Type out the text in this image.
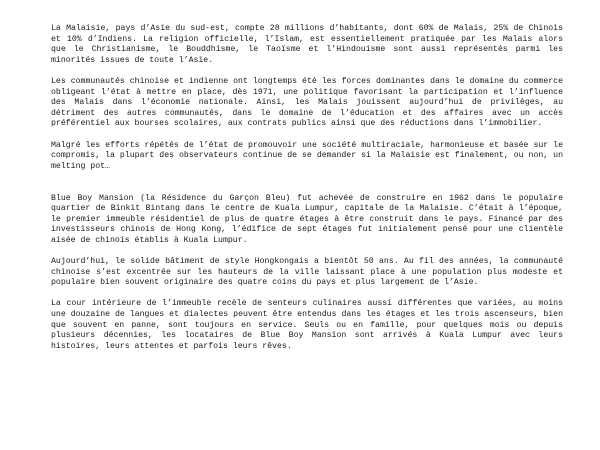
La Malaisie, pays d’Asie du sud-est, compte 28 millions d’habitants, dont 60% de Malais, 25% de Chinois et 10% d’Indiens. La religion officielle, l’Islam, est essentiellement pratiquée par les Malais alors que le Christianisme, le Bouddhisme, le Taoïsme et l’Hindouisme sont aussi représentés parmi les minorités issues de toute l’Asie.

Les communautés chinoise et indienne ont longtemps été les forces dominantes dans le domaine du commerce obligeant l’état à mettre en place, dès 1971, une politique favorisant la participation et l’influence des Malais dans l’économie nationale. Ainsi, les Malais jouissent aujourd’hui de privilèges, au détriment des autres communautés, dans le domaine de l’éducation et des affaires avec un accès préférentiel aux bourses scolaires, aux contrats publics ainsi que des réductions dans l’immobilier.

Malgré les efforts répétés de l’état de promouvoir une société multiraciale, harmonieuse et basée sur le compromis, la plupart des observateurs continue de se demander si la Malaisie est finalement, ou non, un melting pot…

Blue Boy Mansion (la Résidence du Garçon Bleu) fut achevée de construire en 1962 dans le populaire quartier de Binkit Bintang dans le centre de Kuala Lumpur, capitale de la Malaisie. C’était à l’époque, le premier immeuble résidentiel de plus de quatre étages à être construit dans le pays. Financé par des investisseurs chinois de Hong Kong, l’édifice de sept étages fut initialement pensé pour une clientèle aisée de chinois établis à Kuala Lumpur.

Aujourd’hui, le solide bâtiment de style Hongkongais a bientôt 50 ans. Au fil des années, la communauté chinoise s’est excentrée sur les hauteurs de la ville laissant place à une population plus modeste et populaire bien souvent originaire des quatre coins du pays et plus largement de l’Asie.

La cour intérieure de l’immeuble recèle de senteurs culinaires aussi différentes que variées, au moins une douzaine de langues et dialectes peuvent être entendus dans les étages et les trois ascenseurs, bien que souvent en panne, sont toujours en service. Seuls ou en famille, pour quelques mois ou depuis plusieurs décennies, les locataires de Blue Boy Mansion sont arrivés à Kuala Lumpur avec leurs histoires, leurs attentes et parfois leurs rêves.
